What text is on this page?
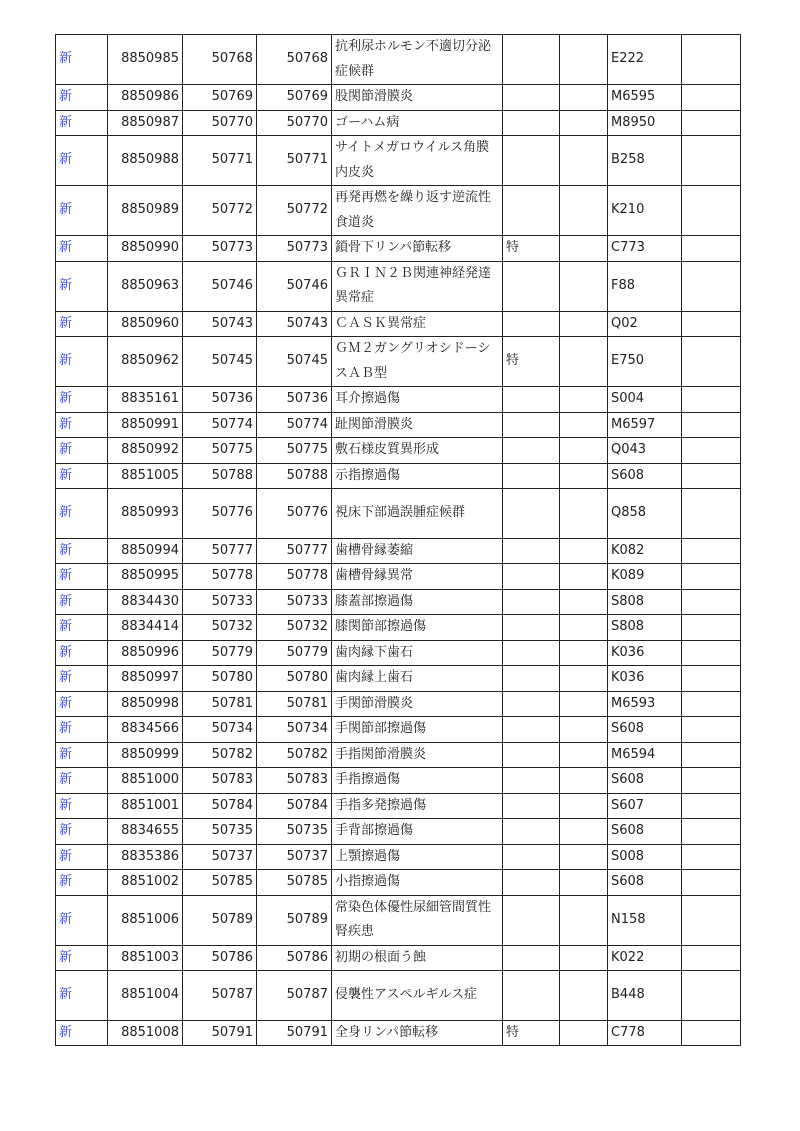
新	8850985	50768	50768	抗利尿ホルモン不適切分泌症候群			E222	
新	8850986	50769	50769	股関節滑膜炎			M6595	
新	8850987	50770	50770	ゴーハム病			M8950	
新	8850988	50771	50771	サイトメガロウイルス角膜内皮炎			B258	
新	8850989	50772	50772	再発再燃を繰り返す逆流性食道炎			K210	
新	8850990	50773	50773	鎖骨下リンパ節転移	特		C773	
新	8850963	50746	50746	ＧＲＩＮ２Ｂ関連神経発達異常症			F88	
新	8850960	50743	50743	ＣＡＳＫ異常症			Q02	
新	8850962	50745	50745	ＧＭ２ガングリオシドーシスＡＢ型	特		E750	
新	8835161	50736	50736	耳介擦過傷			S004	
新	8850991	50774	50774	趾関節滑膜炎			M6597	
新	8850992	50775	50775	敷石様皮質異形成			Q043	
新	8851005	50788	50788	示指擦過傷			S608	
新	8850993	50776	50776	視床下部過誤腫症候群			Q858	
新	8850994	50777	50777	歯槽骨縁萎縮			K082	
新	8850995	50778	50778	歯槽骨縁異常			K089	
新	8834430	50733	50733	膝蓋部擦過傷			S808	
新	8834414	50732	50732	膝関節部擦過傷			S808	
新	8850996	50779	50779	歯肉縁下歯石			K036	
新	8850997	50780	50780	歯肉縁上歯石			K036	
新	8850998	50781	50781	手関節滑膜炎			M6593	
新	8834566	50734	50734	手関節部擦過傷			S608	
新	8850999	50782	50782	手指関節滑膜炎			M6594	
新	8851000	50783	50783	手指擦過傷			S608	
新	8851001	50784	50784	手指多発擦過傷			S607	
新	8834655	50735	50735	手背部擦過傷			S608	
新	8835386	50737	50737	上顎擦過傷			S008	
新	8851002	50785	50785	小指擦過傷			S608	
新	8851006	50789	50789	常染色体優性尿細管間質性腎疾患			N158	
新	8851003	50786	50786	初期の根面う蝕			K022	
新	8851004	50787	50787	侵襲性アスペルギルス症			B448	
新	8851008	50791	50791	全身リンパ節転移	特		C778	
